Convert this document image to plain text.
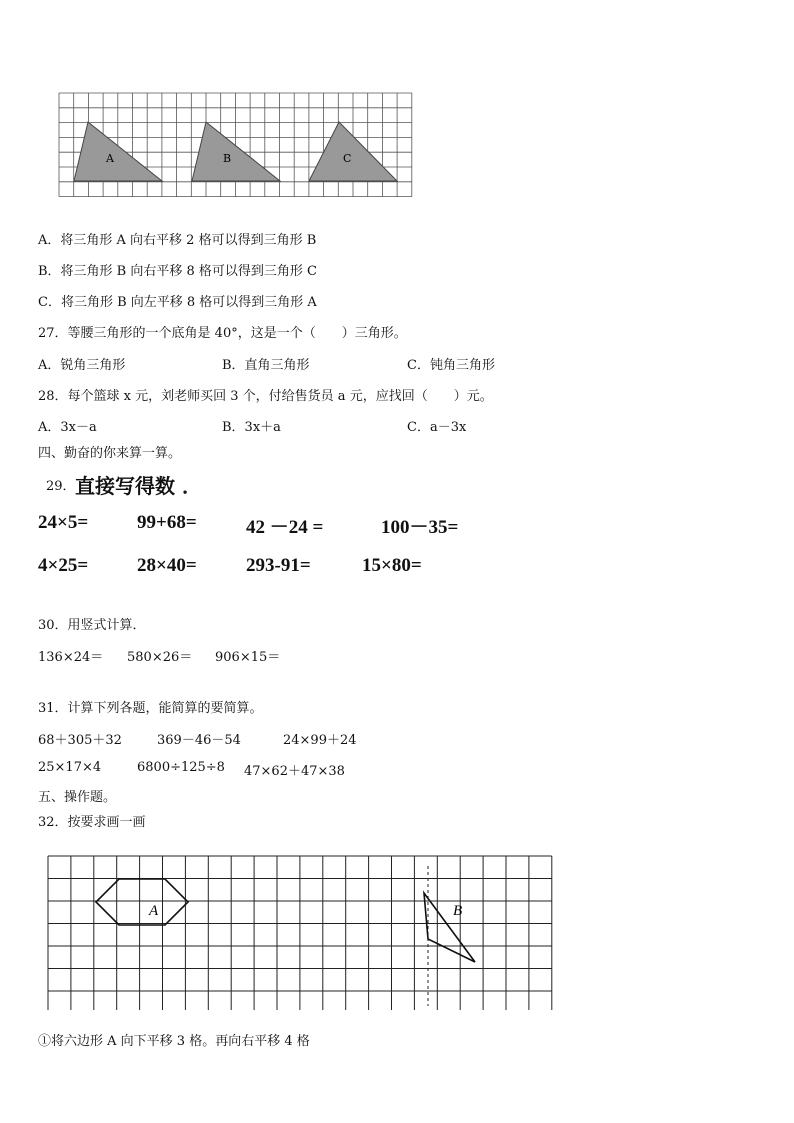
A	B	C
A．将三角形 A 向右平移 2 格可以得到三角形 B
B．将三角形 B 向右平移 8 格可以得到三角形 C
C．将三角形 B 向左平移 8 格可以得到三角形 A
27．等腰三角形的一个底角是 40°，这是一个（　　）三角形。
A．锐角三角形	B．直角三角形	C．钝角三角形
28．每个篮球 x 元，刘老师买回 3 个，付给售货员 a 元，应找回（　　）元。
A．3x－a	B．3x＋a	C．a－3x
四、勤奋的你来算一算。
29． 直接写得数 ．
24×5=	99+68=	42 －24 =	100－35=
4×25=	28×40=	293-91=	15×80=
30．用竖式计算．
136×24＝ 580×26＝ 906×15＝
31．计算下列各题，能简算的要简算。
68＋305＋32	369－46－54	24×99＋24
25×17×4	6800÷125÷8 47×62＋47×38
五、操作题。
32．按要求画一画
A	B
①将六边形 A 向下平移 3 格。再向右平移 4 格
